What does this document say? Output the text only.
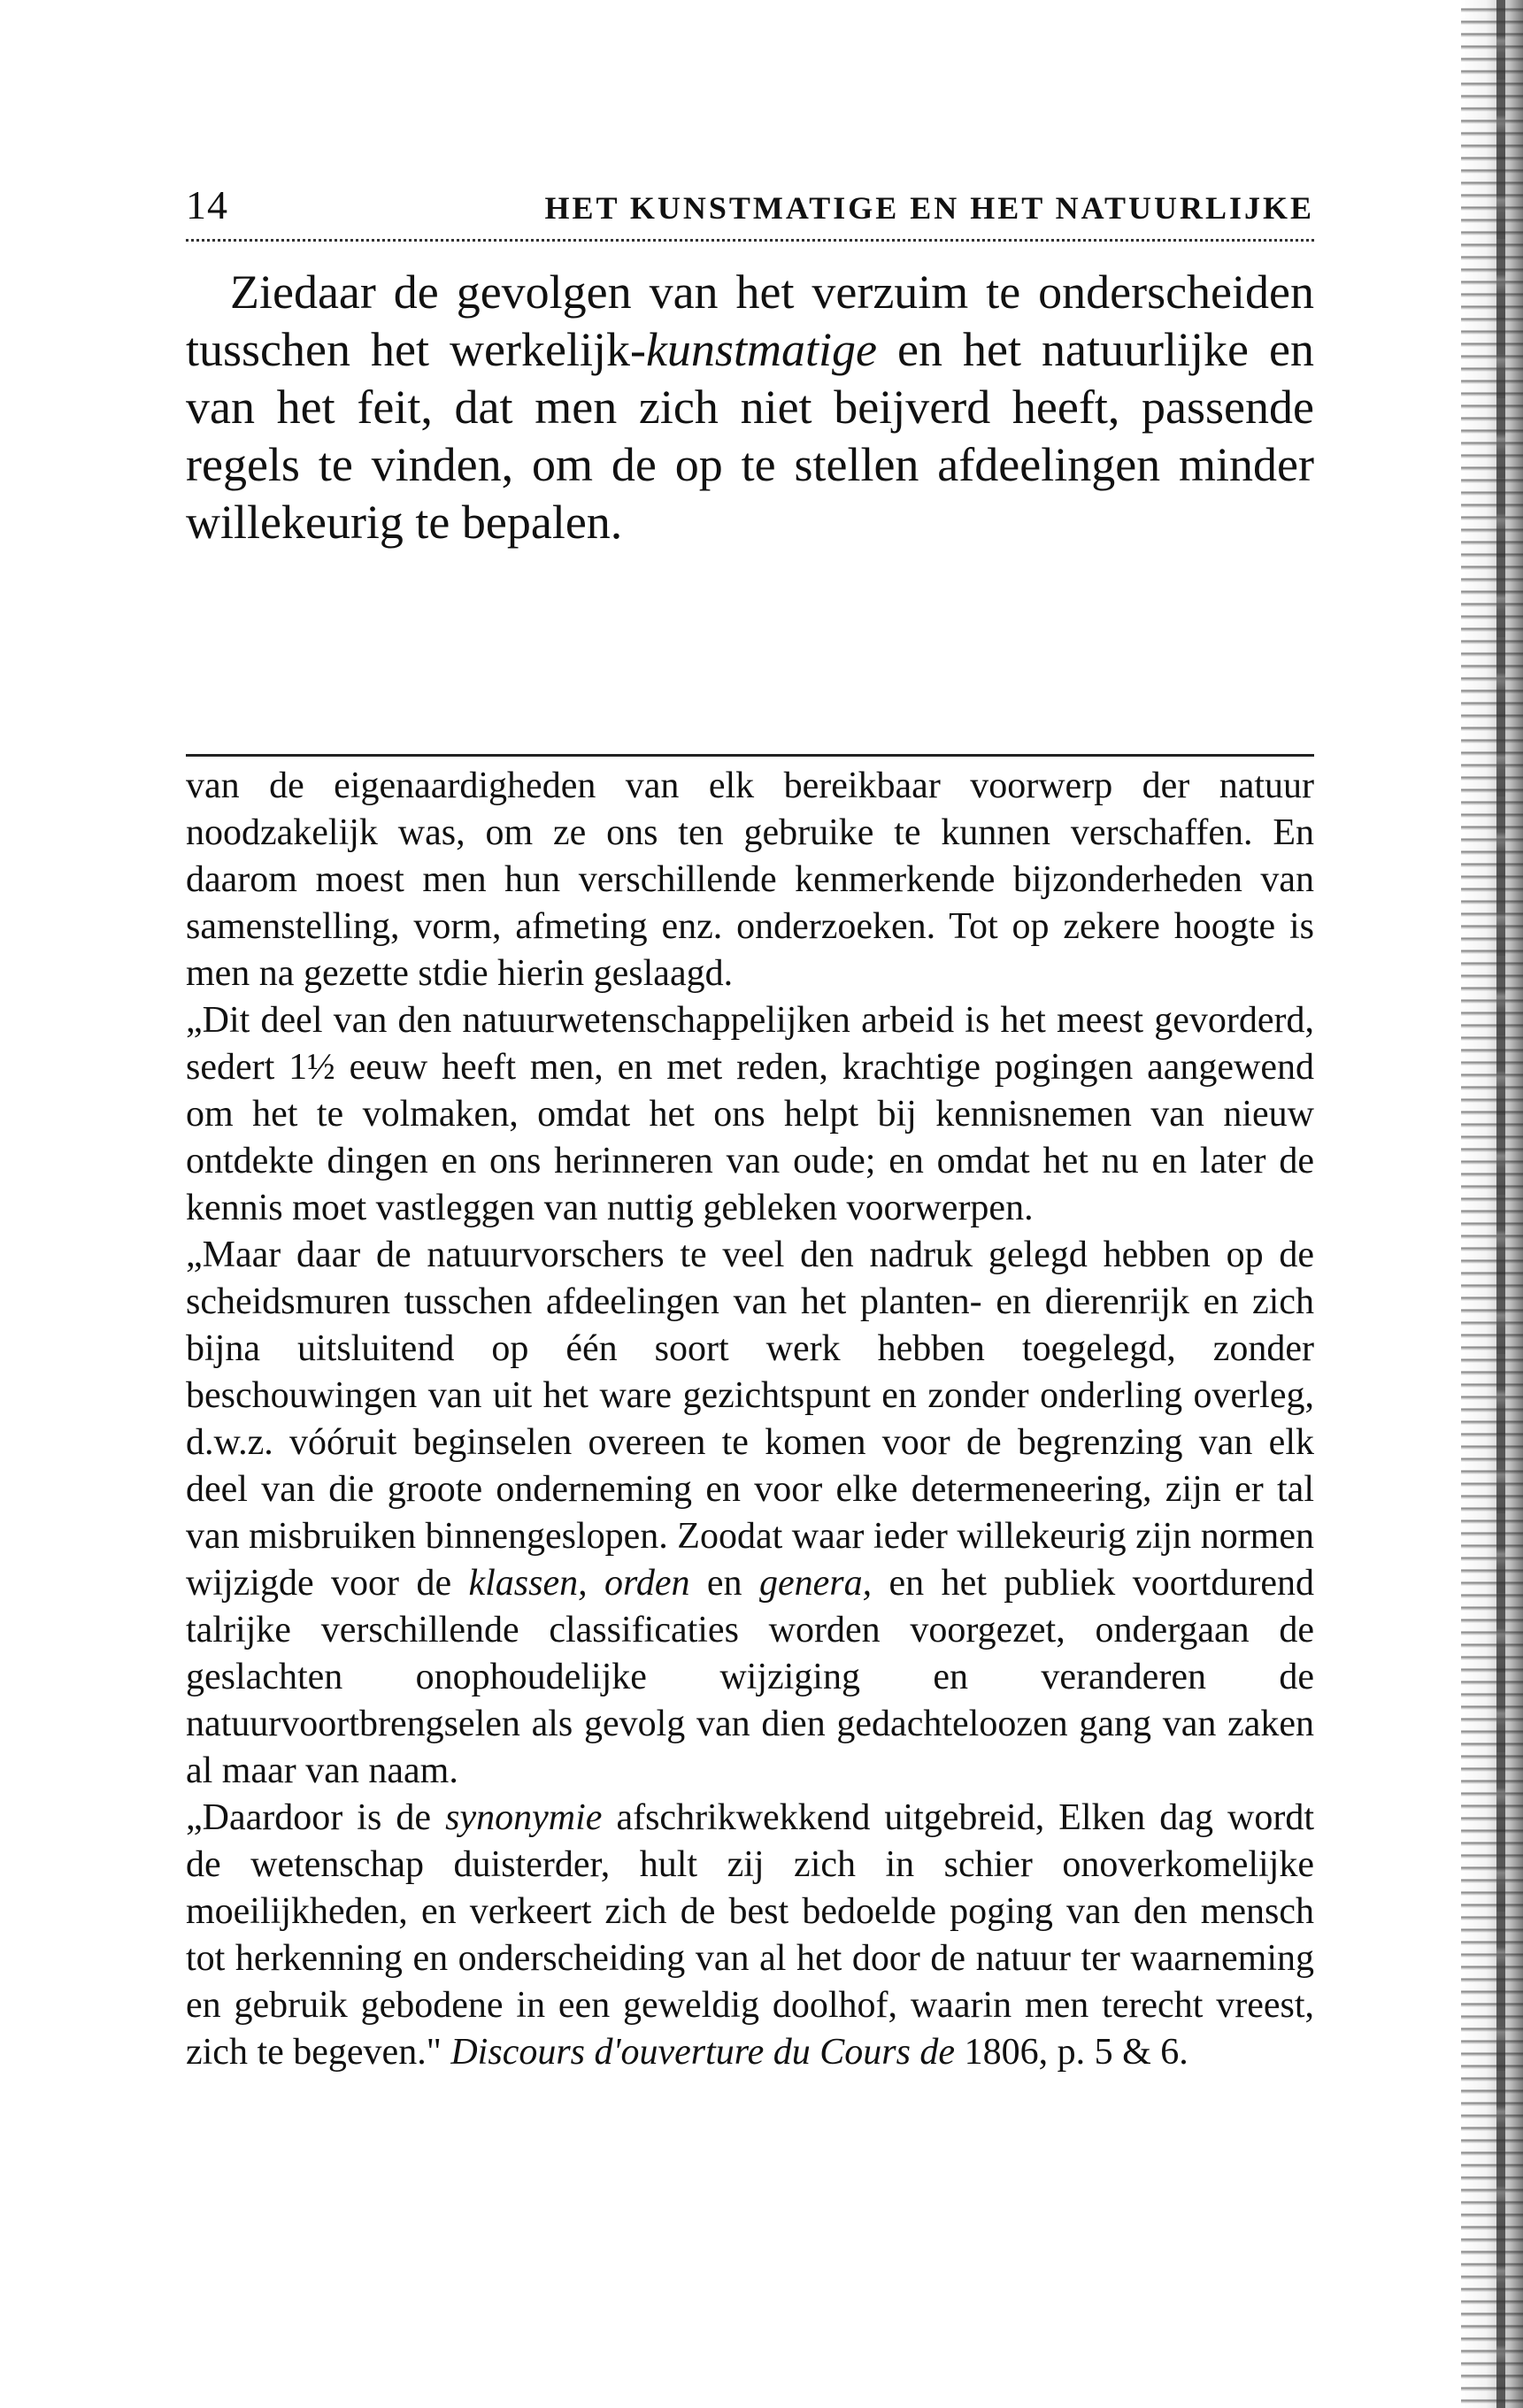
14	HET KUNSTMATIGE EN HET NATUURLIJKE

Ziedaar de gevolgen van het verzuim te onderscheiden tusschen het werkelijk-kunstmatige en het natuurlijke en van het feit, dat men zich niet beijverd heeft, passende regels te vinden, om de op te stellen afdeelingen minder willekeurig te bepalen.

van de eigenaardigheden van elk bereikbaar voorwerp der natuur noodzakelijk was, om ze ons ten gebruike te kunnen verschaffen. En daarom moest men hun verschillende kenmerkende bijzonderheden van samenstelling, vorm, afmeting enz. onderzoeken. Tot op zekere hoogte is men na gezette stdie hierin geslaagd.

„Dit deel van den natuurwetenschappelijken arbeid is het meest gevorderd, sedert 1½ eeuw heeft men, en met reden, krachtige pogingen aangewend om het te volmaken, omdat het ons helpt bij kennisnemen van nieuw ontdekte dingen en ons herinneren van oude; en omdat het nu en later de kennis moet vastleggen van nuttig gebleken voorwerpen.

„Maar daar de natuurvorschers te veel den nadruk gelegd hebben op de scheidsmuren tusschen afdeelingen van het planten- en dierenrijk en zich bijna uitsluitend op één soort werk hebben toegelegd, zonder beschouwingen van uit het ware gezichtspunt en zonder onderling overleg, d.w.z. vóóruit beginselen overeen te komen voor de begrenzing van elk deel van die groote onderneming en voor elke determeneering, zijn er tal van misbruiken binnengeslopen. Zoodat waar ieder willekeurig zijn normen wijzigde voor de klassen, orden en genera, en het publiek voortdurend talrijke verschillende classificaties worden voorgezet, ondergaan de geslachten onophoudelijke wijziging en veranderen de natuurvoortbrengselen als gevolg van dien gedachteloozen gang van zaken al maar van naam.

„Daardoor is de synonymie afschrikwekkend uitgebreid, Elken dag wordt de wetenschap duisterder, hult zij zich in schier onoverkomelijke moeilijkheden, en verkeert zich de best bedoelde poging van den mensch tot herkenning en onderscheiding van al het door de natuur ter waarneming en gebruik gebodene in een geweldig doolhof, waarin men terecht vreest, zich te begeven." Discours d'ouverture du Cours de 1806, p. 5 & 6.
